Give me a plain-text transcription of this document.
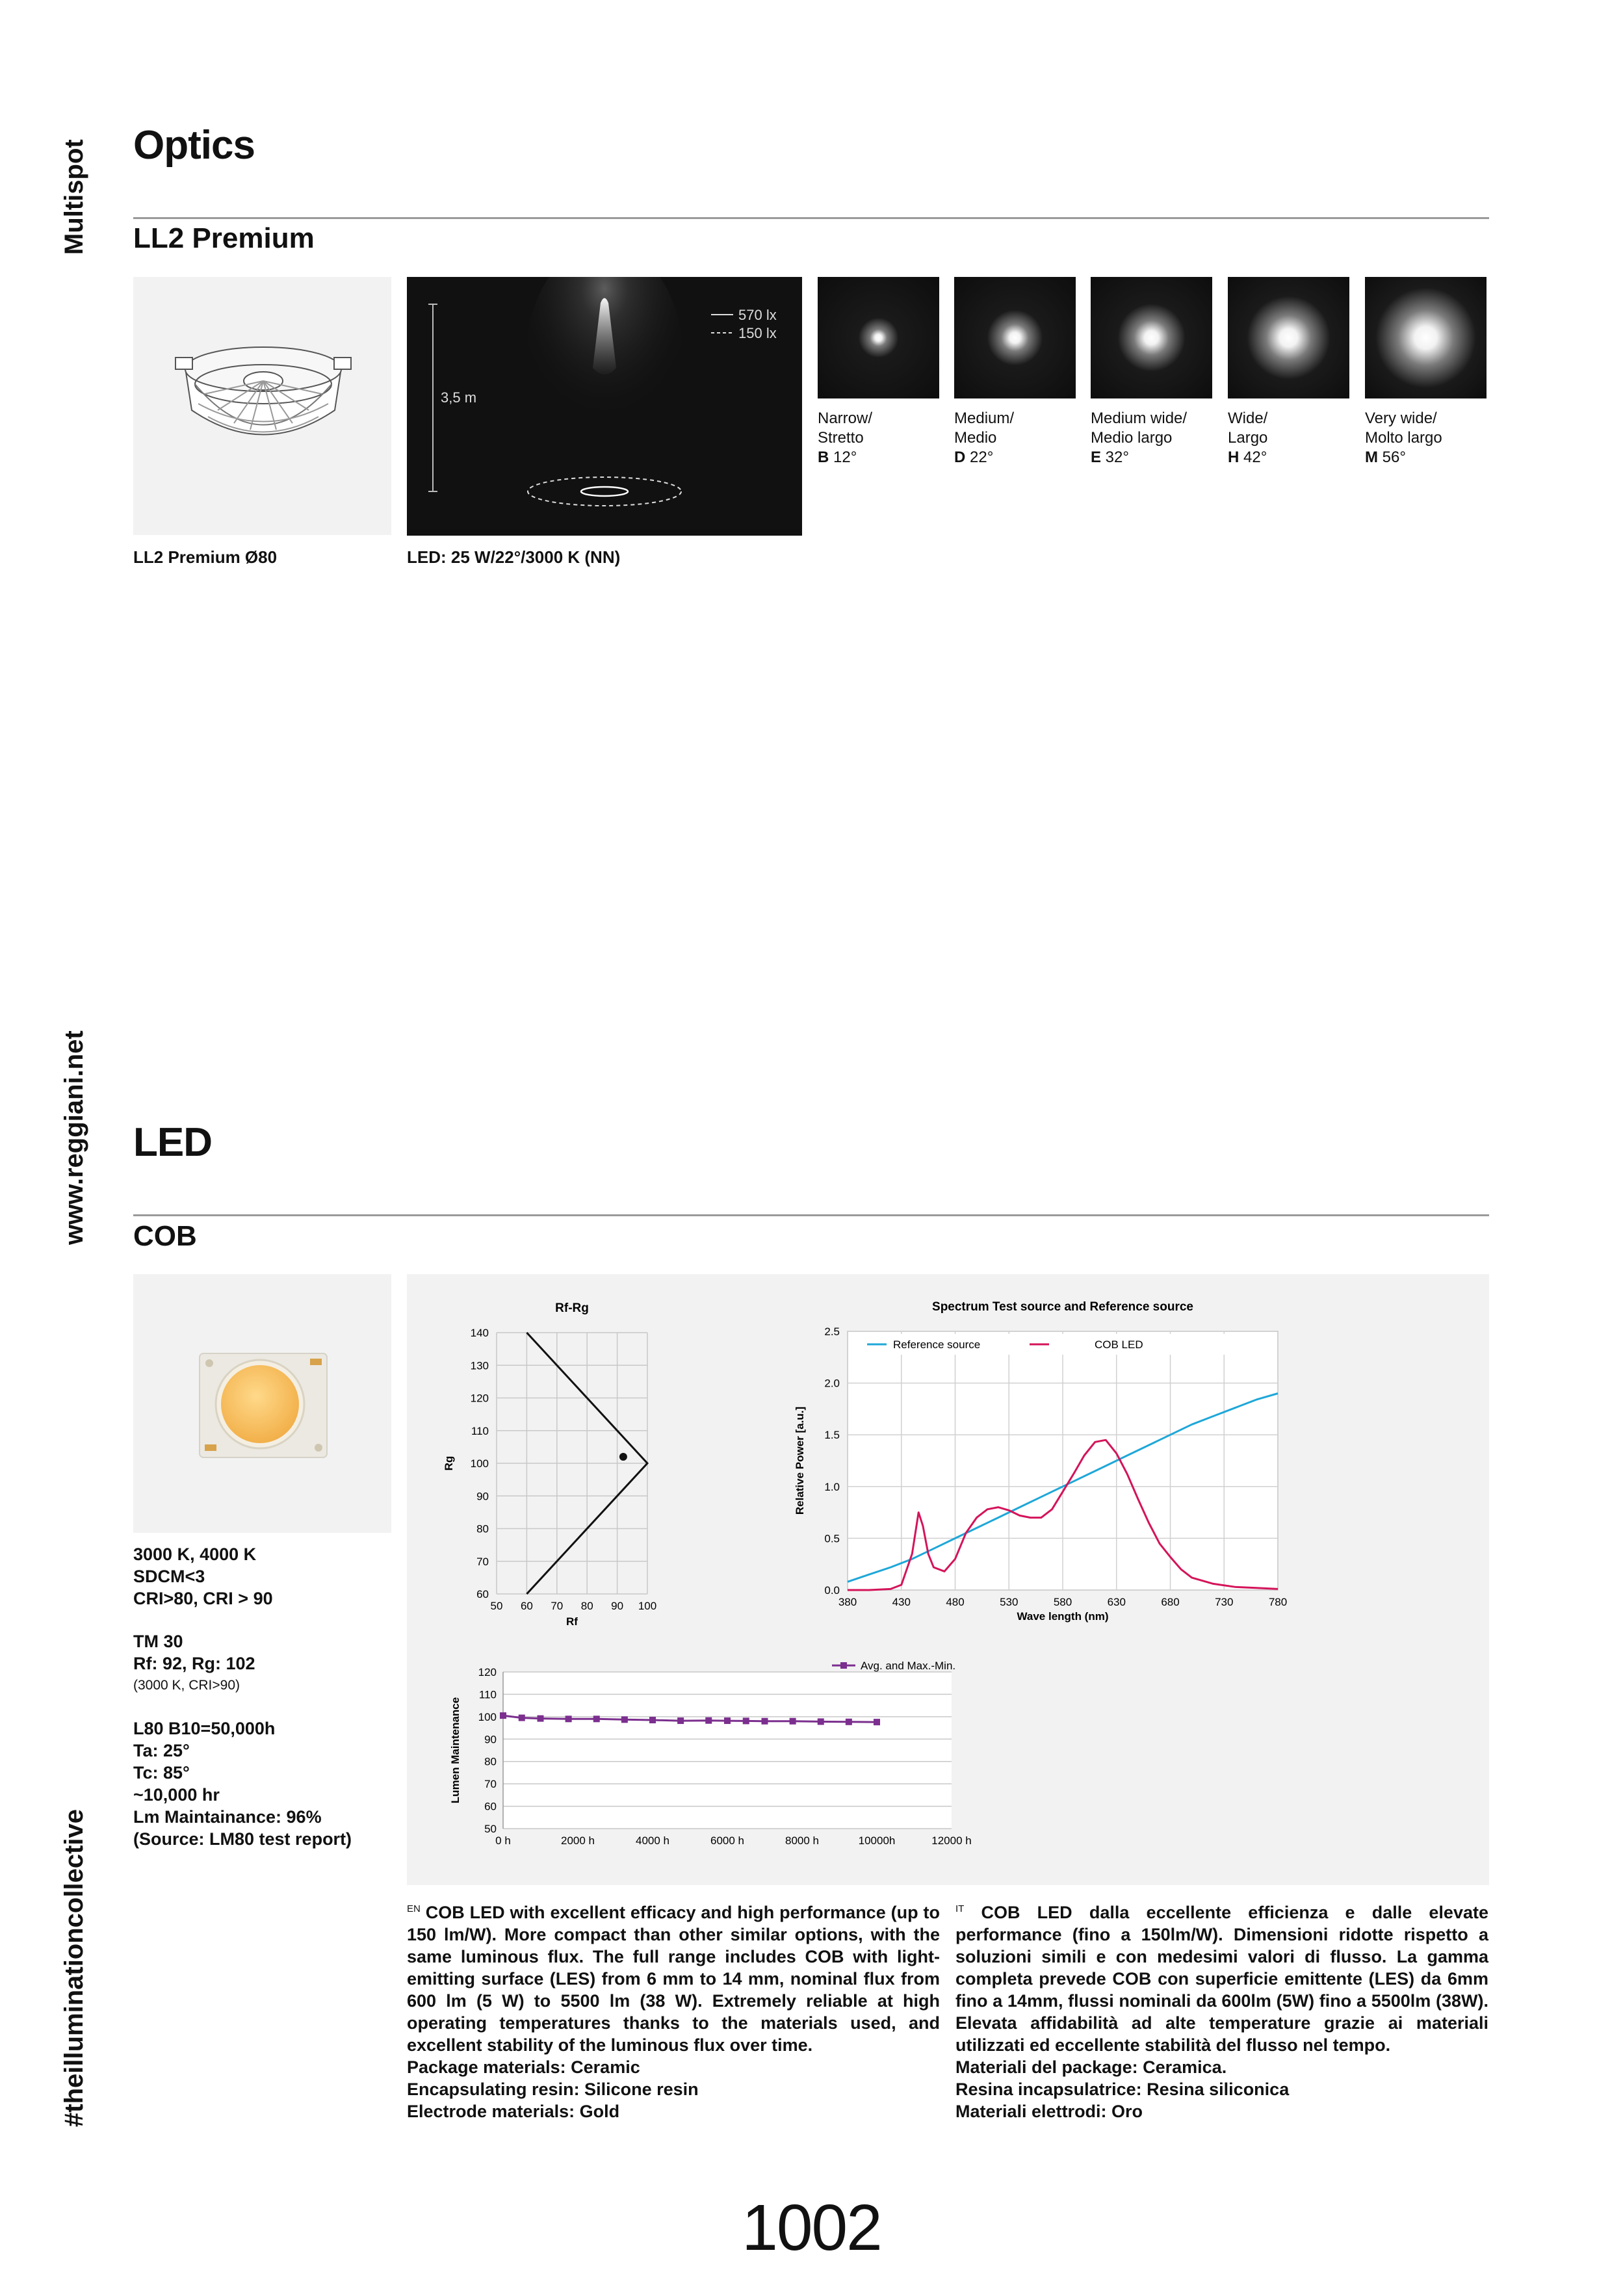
Multispot
www.reggiani.net
#theilluminationcollective
Optics
LL2 Premium
3,5 m
570 lx
150 lx
Narrow/
Stretto
B 12°
Medium/
Medio
D 22°
Medium wide/
Medio largo
E 32°
Wide/
Largo
H 42°
Very wide/
Molto largo
M 56°
LL2 Premium Ø80	LED: 25 W/22°/3000 K (NN)
LED
COB
3000 K, 4000 K
SDCM<3
CRI>80, CRI > 90
TM 30
Rf: 92, Rg: 102
(3000 K, CRI>90)
L80 B10=50,000h
Ta: 25°
Tc: 85°
~10,000 hr
Lm Maintainance: 96%
(Source: LM80 test report)
Rf-Rg
50 60 70 80 90 100
60
70
80
90
100
110
120
130
140
Rf
Rg
Spectrum Test source and Reference source
380	430	480	530	580	630	680	730	780
0.0
0.5
1.0
1.5
2.0
2.5
Wave length (nm)
Relative Power [a.u.]
Reference source	COB LED
50
60
70
80
90
100
110
120
0 h	2000 h	4000 h	6000 h	8000 h	10000h	12000 h
Lumen Maintenance
Avg. and Max.-Min.
$^{EN}$ COB LED with excellent efficacy and high performance (up to 150 lm/W). More compact than other similar options, with the same luminous flux. The full range includes COB with light-emitting surface (LES) from 6 mm to 14 mm, nominal flux from 600 lm (5 W) to 5500 lm (38 W). Extremely reliable at high operating temperatures thanks to the materials used, and excellent stability of the luminous flux over time.
Package materials: Ceramic
Encapsulating resin: Silicone resin
Electrode materials: Gold
$^{IT}$ COB LED dalla eccellente efficienza e dalle elevate performance (fino a 150lm/W). Dimensioni ridotte rispetto a soluzioni simili e con medesimi valori di flusso. La gamma completa prevede COB con superficie emittente (LES) da 6mm fino a 14mm, flussi nominali da 600lm (5W) fino a 5500lm (38W). Elevata affidabilità ad alte temperature grazie ai materiali utilizzati ed eccellente stabilità del flusso nel tempo.
Materiali del package: Ceramica.
Resina incapsulatrice: Resina siliconica
Materiali elettrodi: Oro
1002
